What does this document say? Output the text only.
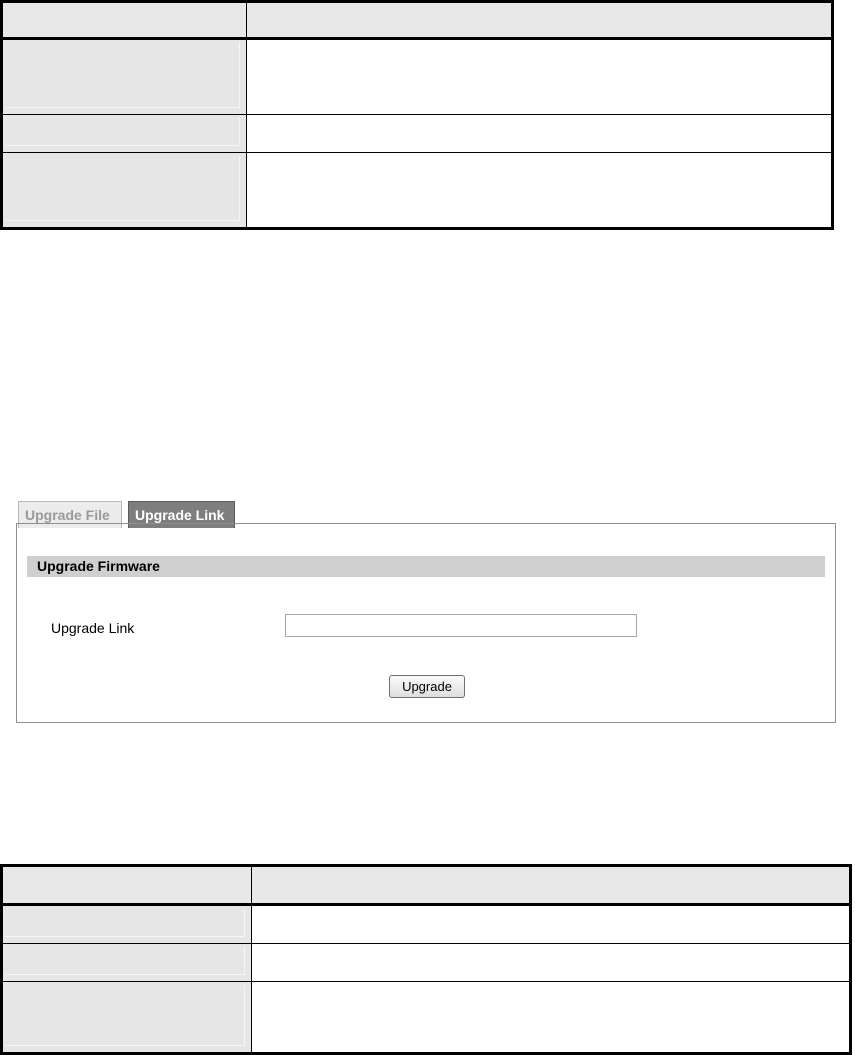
Upgrade File	Upgrade Link
Upgrade Firmware
Upgrade Link
Upgrade
